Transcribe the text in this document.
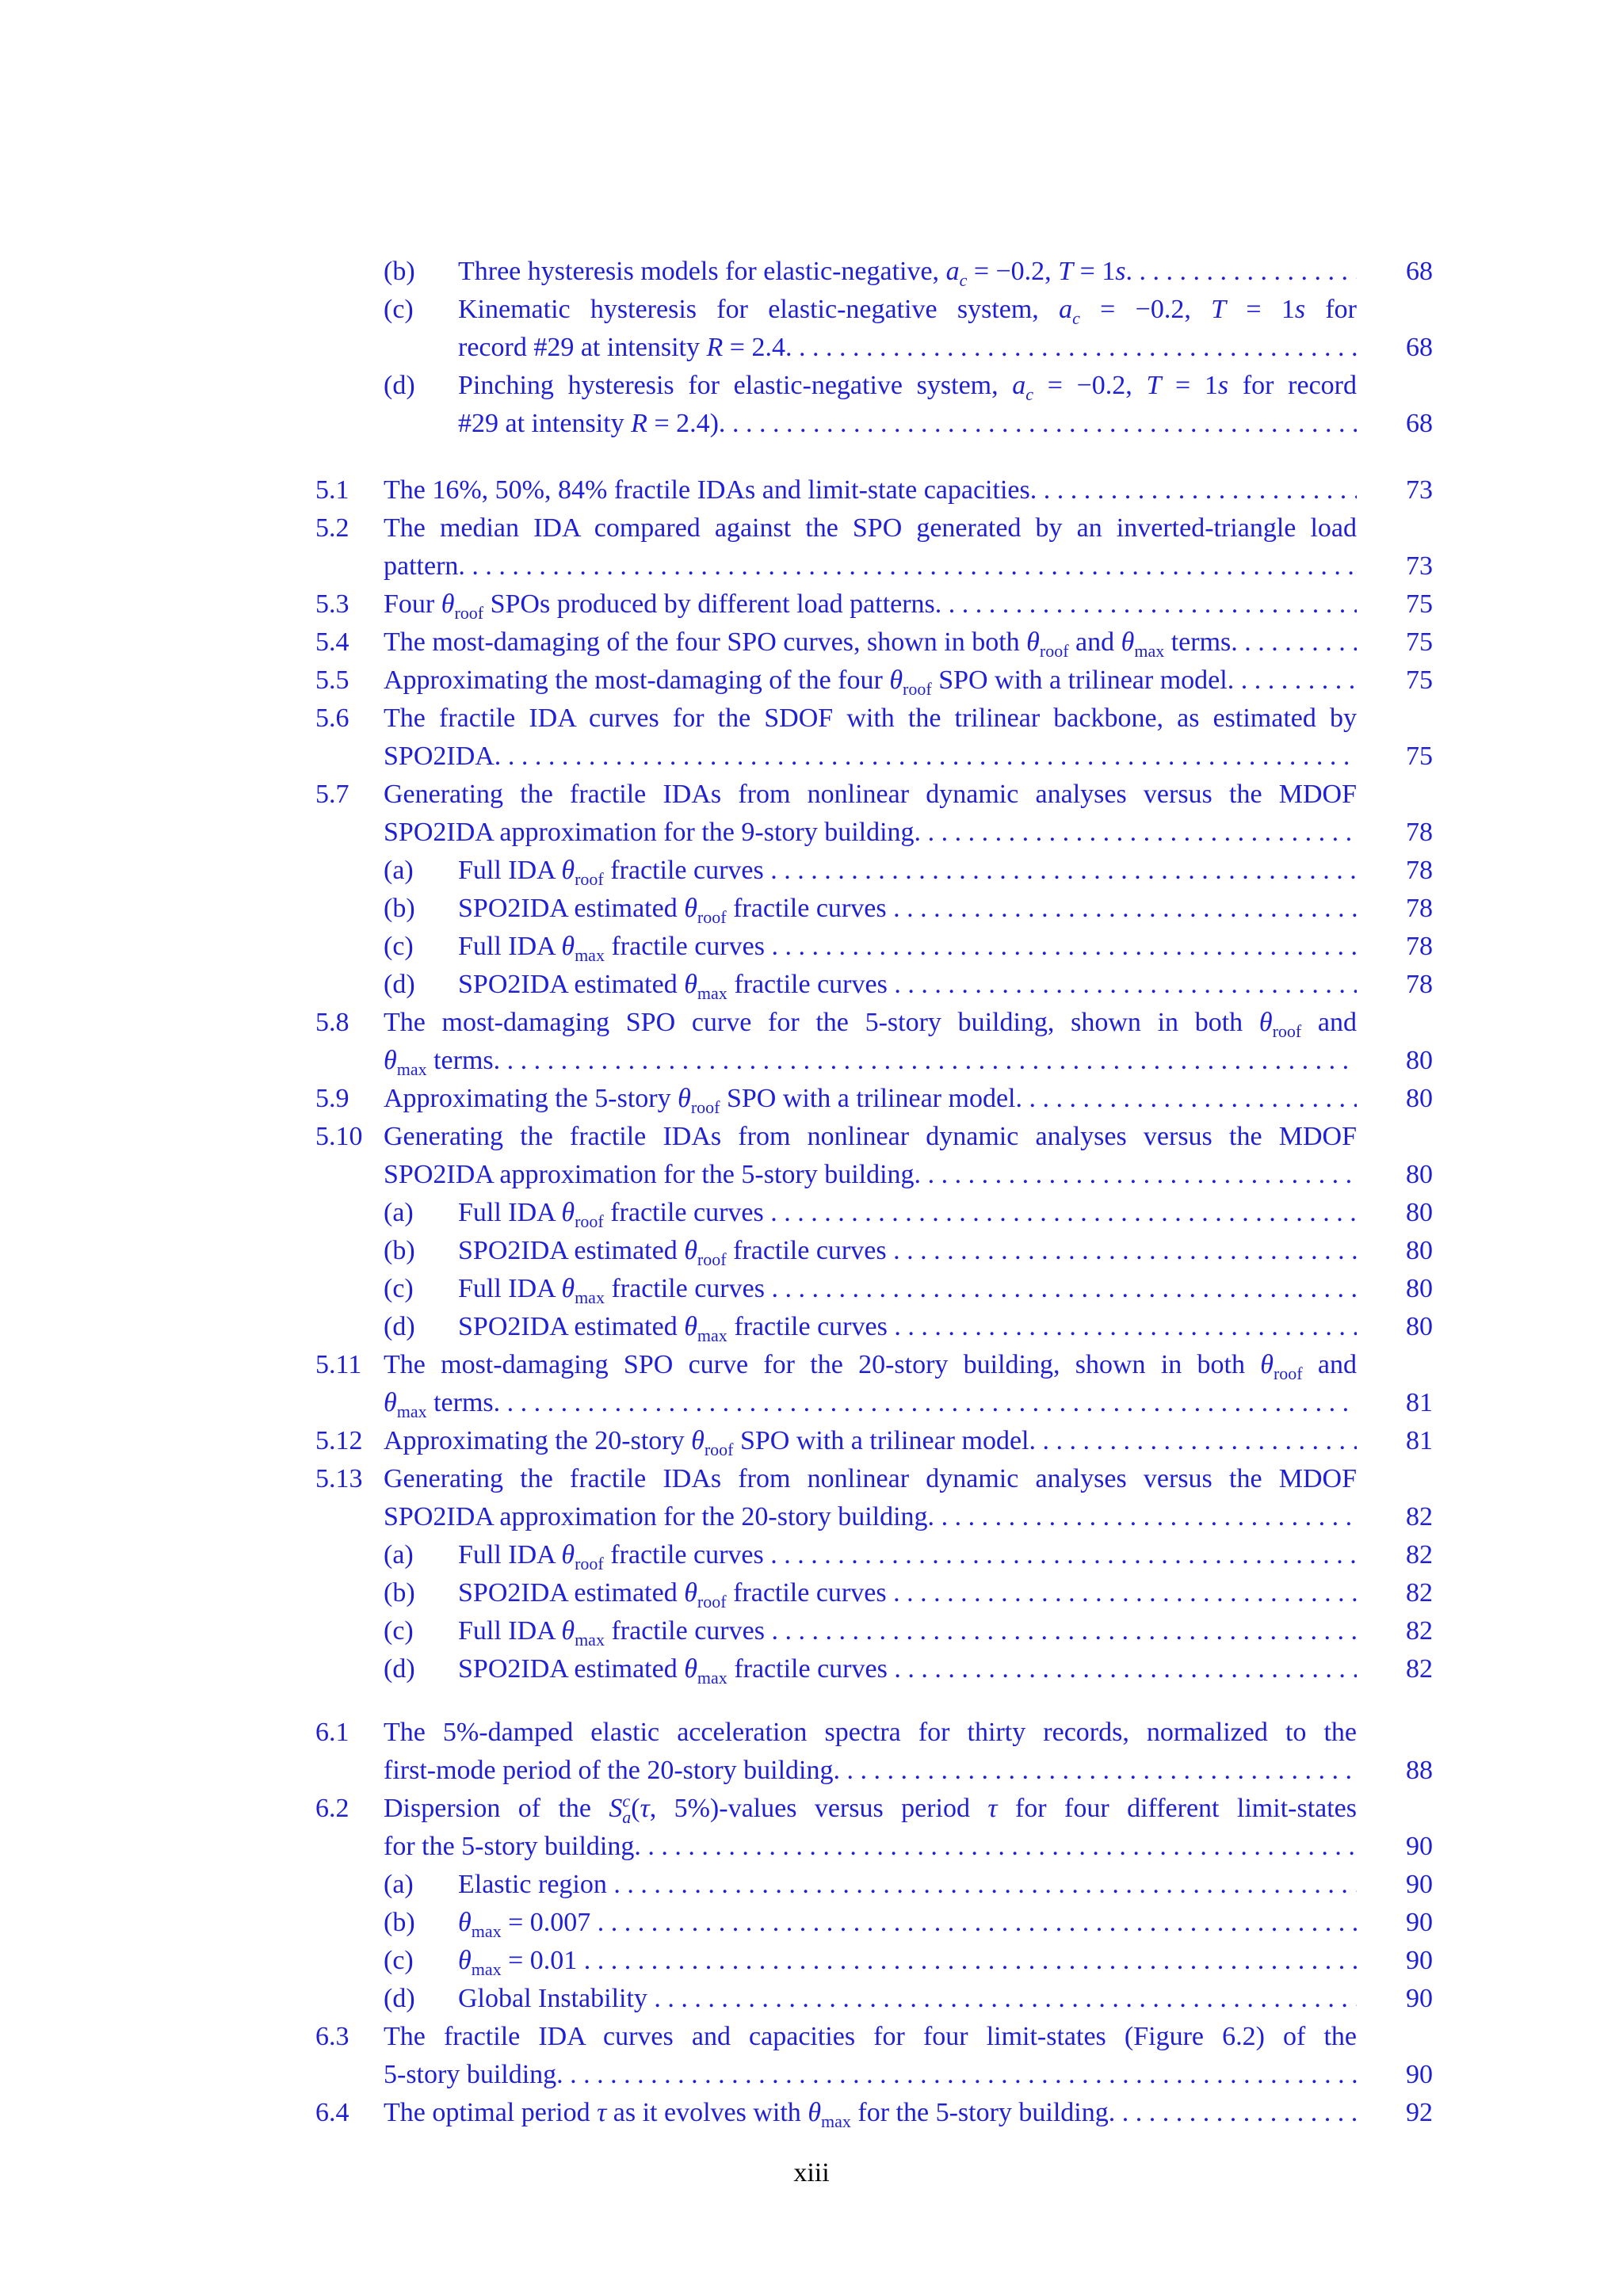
(b)	Three hysteresis models for elastic-negative, $a_c = -0.2$, T = 1s. . . .	68
(c)	Kinematic hysteresis for elastic-negative system, $a_c = -0.2$, T = 1s for
record #29 at intensity R = 2.4. . . .	68
(d)	Pinching hysteresis for elastic-negative system, $a_c = -0.2$, T = 1s for record
#29 at intensity R = 2.4). . . .	68
5.1	The 16%, 50%, 84% fractile IDAs and limit-state capacities. . . .	73
5.2	The median IDA compared against the SPO generated by an inverted-triangle load
pattern. . . .	73
5.3	Four $\theta_{roof}$ SPOs produced by different load patterns. . . .	75
5.4	The most-damaging of the four SPO curves, shown in both $\theta_{roof}$ and $\theta_{max}$ terms. . . .	75
5.5	Approximating the most-damaging of the four $\theta_{roof}$ SPO with a trilinear model. . . .	75
5.6	The fractile IDA curves for the SDOF with the trilinear backbone, as estimated by
SPO2IDA. . . .	75
5.7	Generating the fractile IDAs from nonlinear dynamic analyses versus the MDOF
SPO2IDA approximation for the 9-story building. . . .	78
(a)	Full IDA $\theta_{roof}$ fractile curves . . .	78
(b)	SPO2IDA estimated $\theta_{roof}$ fractile curves . . .	78
(c)	Full IDA $\theta_{max}$ fractile curves . . .	78
(d)	SPO2IDA estimated $\theta_{max}$ fractile curves . . .	78
5.8	The most-damaging SPO curve for the 5-story building, shown in both $\theta_{roof}$ and
$\theta_{max}$ terms. . . .	80
5.9	Approximating the 5-story $\theta_{roof}$ SPO with a trilinear model. . . .	80
5.10 Generating the fractile IDAs from nonlinear dynamic analyses versus the MDOF
SPO2IDA approximation for the 5-story building. . . .	80
(a)	Full IDA $\theta_{roof}$ fractile curves . . .	80
(b)	SPO2IDA estimated $\theta_{roof}$ fractile curves . . .	80
(c)	Full IDA $\theta_{max}$ fractile curves . . .	80
(d)	SPO2IDA estimated $\theta_{max}$ fractile curves . . .	80
5.11 The most-damaging SPO curve for the 20-story building, shown in both $\theta_{roof}$ and
$\theta_{max}$ terms. . . .	81
5.12 Approximating the 20-story $\theta_{roof}$ SPO with a trilinear model. . . .	81
5.13 Generating the fractile IDAs from nonlinear dynamic analyses versus the MDOF
SPO2IDA approximation for the 20-story building. . . .	82
(a)	Full IDA $\theta_{roof}$ fractile curves . . .	82
(b)	SPO2IDA estimated $\theta_{roof}$ fractile curves . . .	82
(c)	Full IDA $\theta_{max}$ fractile curves . . .	82
(d)	SPO2IDA estimated $\theta_{max}$ fractile curves . . .	82
6.1	The 5%-damped elastic acceleration spectra for thirty records, normalized to the
first-mode period of the 20-story building. . . .	88
6.2	Dispersion of the $S^c_a(\tau$, 5%)-values versus period τ for four different limit-states
for the 5-story building. . . .	90
(a)	Elastic region . . .	90
(b)	$\theta_{max} = 0.007$ . . .	90
(c)	$\theta_{max} = 0.01$ . . .	90
(d)	Global Instability . . .	90
6.3	The fractile IDA curves and capacities for four limit-states (Figure 6.2) of the
5-story building. . . .	90
6.4	The optimal period τ as it evolves with $\theta_{max}$ for the 5-story building. . . .	92
xiii
